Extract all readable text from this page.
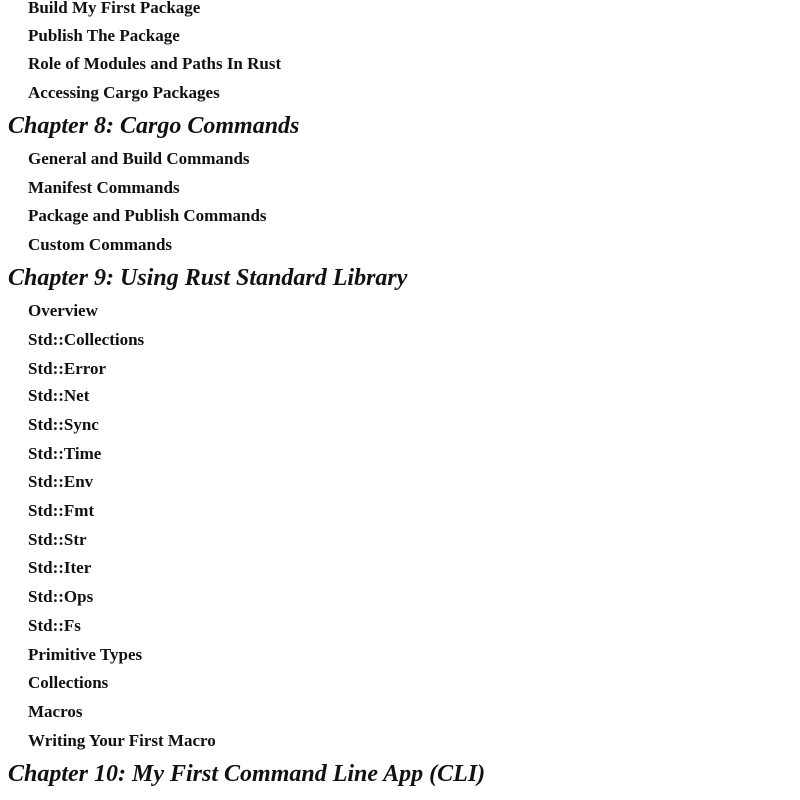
Build My First Package
Publish The Package
Role of Modules and Paths In Rust
Accessing Cargo Packages
Chapter 8: Cargo Commands
General and Build Commands
Manifest Commands
Package and Publish Commands
Custom Commands
Chapter 9: Using Rust Standard Library
Overview
Std::Collections
Std::Error
Std::Net
Std::Sync
Std::Time
Std::Env
Std::Fmt
Std::Str
Std::Iter
Std::Ops
Std::Fs
Primitive Types
Collections
Macros
Writing Your First Macro
Chapter 10: My First Command Line App (CLI)
